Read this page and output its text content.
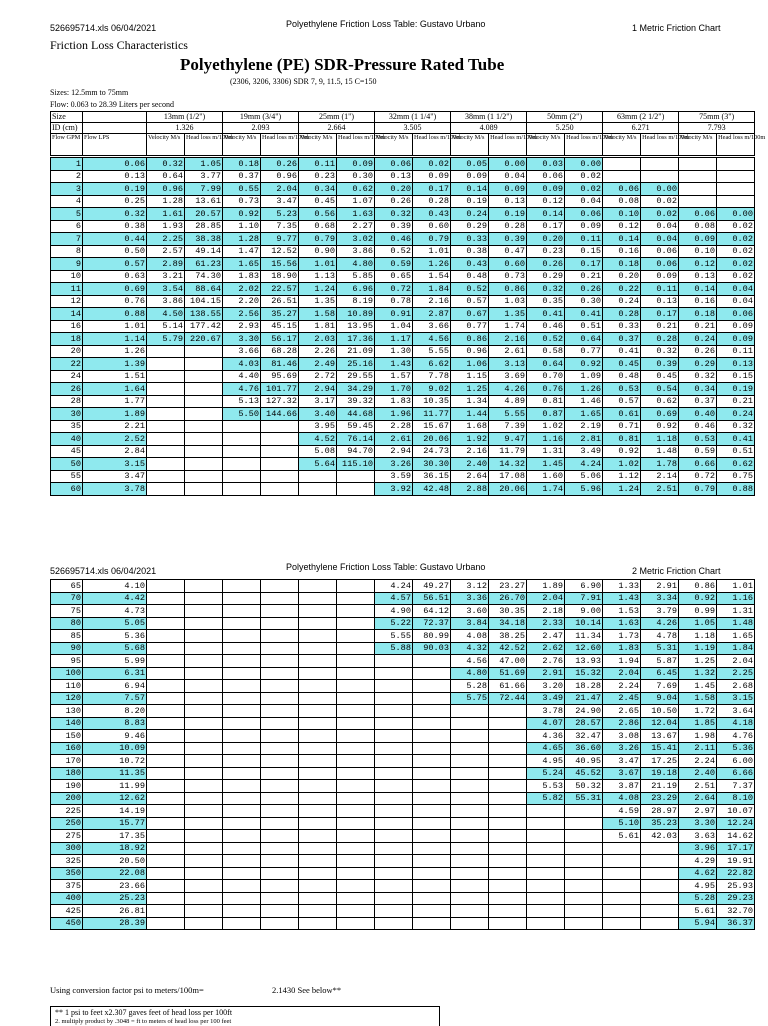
526695714.xls 06/04/2021	Polyethylene Friction Loss Table: Gustavo Urbano	1 Metric Friction Chart
Friction Loss Characteristics
Polyethylene (PE) SDR-Pressure Rated Tube
(2306, 3206, 3306) SDR 7, 9, 11.5, 15 C=150
Sizes: 12.5mm to 75mm
Flow: 0.063 to 28.39 Liters per second
Size		13mm (1/2")		19mm (3/4")		25mm (1")		32mm (1 1/4")		38mm (1 1/2")		50mm (2")		63mm (2 1/2")		75mm (3")	
ID (cm)		1.326		2.093		2.664		3.505		4.089		5.250		6.271		7.793	
Flow GPM	Flow LPS	Velocity M/s	Head loss m/100m	Velocity M/s	Head loss m/100m	Velocity M/s	Head loss m/100m	Velocity M/s	Head loss m/100m	Velocity M/s	Head loss m/100m	Velocity M/s	Head loss m/100m	Velocity M/s	Head loss m/100m	Velocity M/s	Head loss m/100m
1	0.06	0.32	1.05	0.18	0.26	0.11	0.09	0.06	0.02	0.05	0.00	0.03	0.00				
2	0.13	0.64	3.77	0.37	0.96	0.23	0.30	0.13	0.09	0.09	0.04	0.06	0.02				
3	0.19	0.96	7.99	0.55	2.04	0.34	0.62	0.20	0.17	0.14	0.09	0.09	0.02	0.06	0.00		
4	0.25	1.28	13.61	0.73	3.47	0.45	1.07	0.26	0.28	0.19	0.13	0.12	0.04	0.08	0.02		
5	0.32	1.61	20.57	0.92	5.23	0.56	1.63	0.32	0.43	0.24	0.19	0.14	0.06	0.10	0.02	0.06	0.00
6	0.38	1.93	28.85	1.10	7.35	0.68	2.27	0.39	0.60	0.29	0.28	0.17	0.09	0.12	0.04	0.08	0.02
7	0.44	2.25	38.38	1.28	9.77	0.79	3.02	0.46	0.79	0.33	0.39	0.20	0.11	0.14	0.04	0.09	0.02
8	0.50	2.57	49.14	1.47	12.52	0.90	3.86	0.52	1.01	0.38	0.47	0.23	0.15	0.16	0.06	0.10	0.02
9	0.57	2.89	61.23	1.65	15.56	1.01	4.80	0.59	1.26	0.43	0.60	0.26	0.17	0.18	0.06	0.12	0.02
10	0.63	3.21	74.30	1.83	18.90	1.13	5.85	0.65	1.54	0.48	0.73	0.29	0.21	0.20	0.09	0.13	0.02
11	0.69	3.54	88.64	2.02	22.57	1.24	6.96	0.72	1.84	0.52	0.86	0.32	0.26	0.22	0.11	0.14	0.04
12	0.76	3.86	104.15	2.20	26.51	1.35	8.19	0.78	2.16	0.57	1.03	0.35	0.30	0.24	0.13	0.16	0.04
14	0.88	4.50	138.55	2.56	35.27	1.58	10.89	0.91	2.87	0.67	1.35	0.41	0.41	0.28	0.17	0.18	0.06
16	1.01	5.14	177.42	2.93	45.15	1.81	13.95	1.04	3.66	0.77	1.74	0.46	0.51	0.33	0.21	0.21	0.09
18	1.14	5.79	220.67	3.30	56.17	2.03	17.36	1.17	4.56	0.86	2.16	0.52	0.64	0.37	0.28	0.24	0.09
20	1.26			3.66	68.28	2.26	21.09	1.30	5.55	0.96	2.61	0.58	0.77	0.41	0.32	0.26	0.11
22	1.39			4.03	81.46	2.49	25.16	1.43	6.62	1.06	3.13	0.64	0.92	0.45	0.39	0.29	0.13
24	1.51			4.40	95.69	2.72	29.55	1.57	7.78	1.15	3.69	0.70	1.09	0.48	0.45	0.32	0.15
26	1.64			4.76	101.77	2.94	34.29	1.70	9.02	1.25	4.26	0.76	1.26	0.53	0.54	0.34	0.19
28	1.77			5.13	127.32	3.17	39.32	1.83	10.35	1.34	4.89	0.81	1.46	0.57	0.62	0.37	0.21
30	1.89			5.50	144.66	3.40	44.68	1.96	11.77	1.44	5.55	0.87	1.65	0.61	0.69	0.40	0.24
35	2.21					3.95	59.45	2.28	15.67	1.68	7.39	1.02	2.19	0.71	0.92	0.46	0.32
40	2.52					4.52	76.14	2.61	20.06	1.92	9.47	1.16	2.81	0.81	1.18	0.53	0.41
45	2.84					5.08	94.70	2.94	24.73	2.16	11.79	1.31	3.49	0.92	1.48	0.59	0.51
50	3.15					5.64	115.10	3.26	30.30	2.40	14.32	1.45	4.24	1.02	1.78	0.66	0.62
55	3.47							3.59	36.15	2.64	17.08	1.60	5.06	1.12	2.14	0.72	0.75
60	3.78							3.92	42.48	2.88	20.06	1.74	5.96	1.24	2.51	0.79	0.88
526695714.xls 06/04/2021	Polyethylene Friction Loss Table: Gustavo Urbano	2 Metric Friction Chart
65	4.10							4.24	49.27	3.12	23.27	1.89	6.90	1.33	2.91	0.86	1.01
70	4.42							4.57	56.51	3.36	26.70	2.04	7.91	1.43	3.34	0.92	1.16
75	4.73							4.90	64.12	3.60	30.35	2.18	9.00	1.53	3.79	0.99	1.31
80	5.05							5.22	72.37	3.84	34.18	2.33	10.14	1.63	4.26	1.05	1.48
85	5.36							5.55	80.99	4.08	38.25	2.47	11.34	1.73	4.78	1.18	1.65
90	5.68							5.88	90.03	4.32	42.52	2.62	12.60	1.83	5.31	1.19	1.84
95	5.99									4.56	47.00	2.76	13.93	1.94	5.87	1.25	2.04
100	6.31									4.80	51.69	2.91	15.32	2.04	6.45	1.32	2.25
110	6.94									5.28	61.66	3.20	18.28	2.24	7.69	1.45	2.68
120	7.57									5.75	72.44	3.49	21.47	2.45	9.04	1.58	3.15
130	8.20											3.78	24.90	2.65	10.50	1.72	3.64
140	8.83											4.07	28.57	2.86	12.04	1.85	4.18
150	9.46											4.36	32.47	3.08	13.67	1.98	4.76
160	10.09											4.65	36.60	3.26	15.41	2.11	5.36
170	10.72											4.95	40.95	3.47	17.25	2.24	6.00
180	11.35											5.24	45.52	3.67	19.18	2.40	6.66
190	11.99											5.53	50.32	3.87	21.19	2.51	7.37
200	12.62											5.82	55.31	4.08	23.29	2.64	8.10
225	14.19													4.59	28.97	2.97	10.07
250	15.77													5.10	35.23	3.30	12.24
275	17.35													5.61	42.03	3.63	14.62
300	18.92															3.96	17.17
325	20.50															4.29	19.91
350	22.08															4.62	22.82
375	23.66															4.95	25.93
400	25.23															5.28	29.23
425	26.81															5.61	32.70
450	28.39															5.94	36.37
Using conversion factor psi to meters/100m=	2.1430 See below**
** 1 psi to feet x2.307 gaves feet of head loss per 100ft
2. multiply product by .3048 = ft to meters of head loss per 100 feet
